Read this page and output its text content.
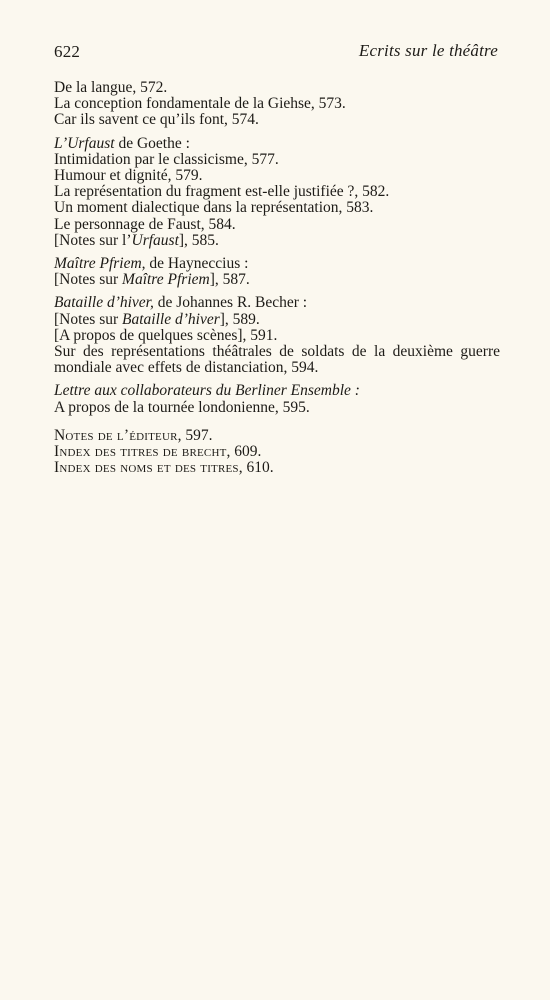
622	Ecrits sur le théâtre
De la langue, 572.
La conception fondamentale de la Giehse, 573.
Car ils savent ce qu’ils font, 574.
L’Urfaust de Goethe :
Intimidation par le classicisme, 577.
Humour et dignité, 579.
La représentation du fragment est-elle justifiée ?, 582.
Un moment dialectique dans la représentation, 583.
Le personnage de Faust, 584.
[Notes sur l’Urfaust], 585.
Maître Pfriem, de Hayneccius :
[Notes sur Maître Pfriem], 587.
Bataille d’hiver, de Johannes R. Becher :
[Notes sur Bataille d’hiver], 589.
[A propos de quelques scènes], 591.
Sur des représentations théâtrales de soldats de la deuxième guerre mondiale avec effets de distanciation, 594.
Lettre aux collaborateurs du Berliner Ensemble :
A propos de la tournée londonienne, 595.
Notes de l’éditeur, 597.
Index des titres de brecht, 609.
Index des noms et des titres, 610.
